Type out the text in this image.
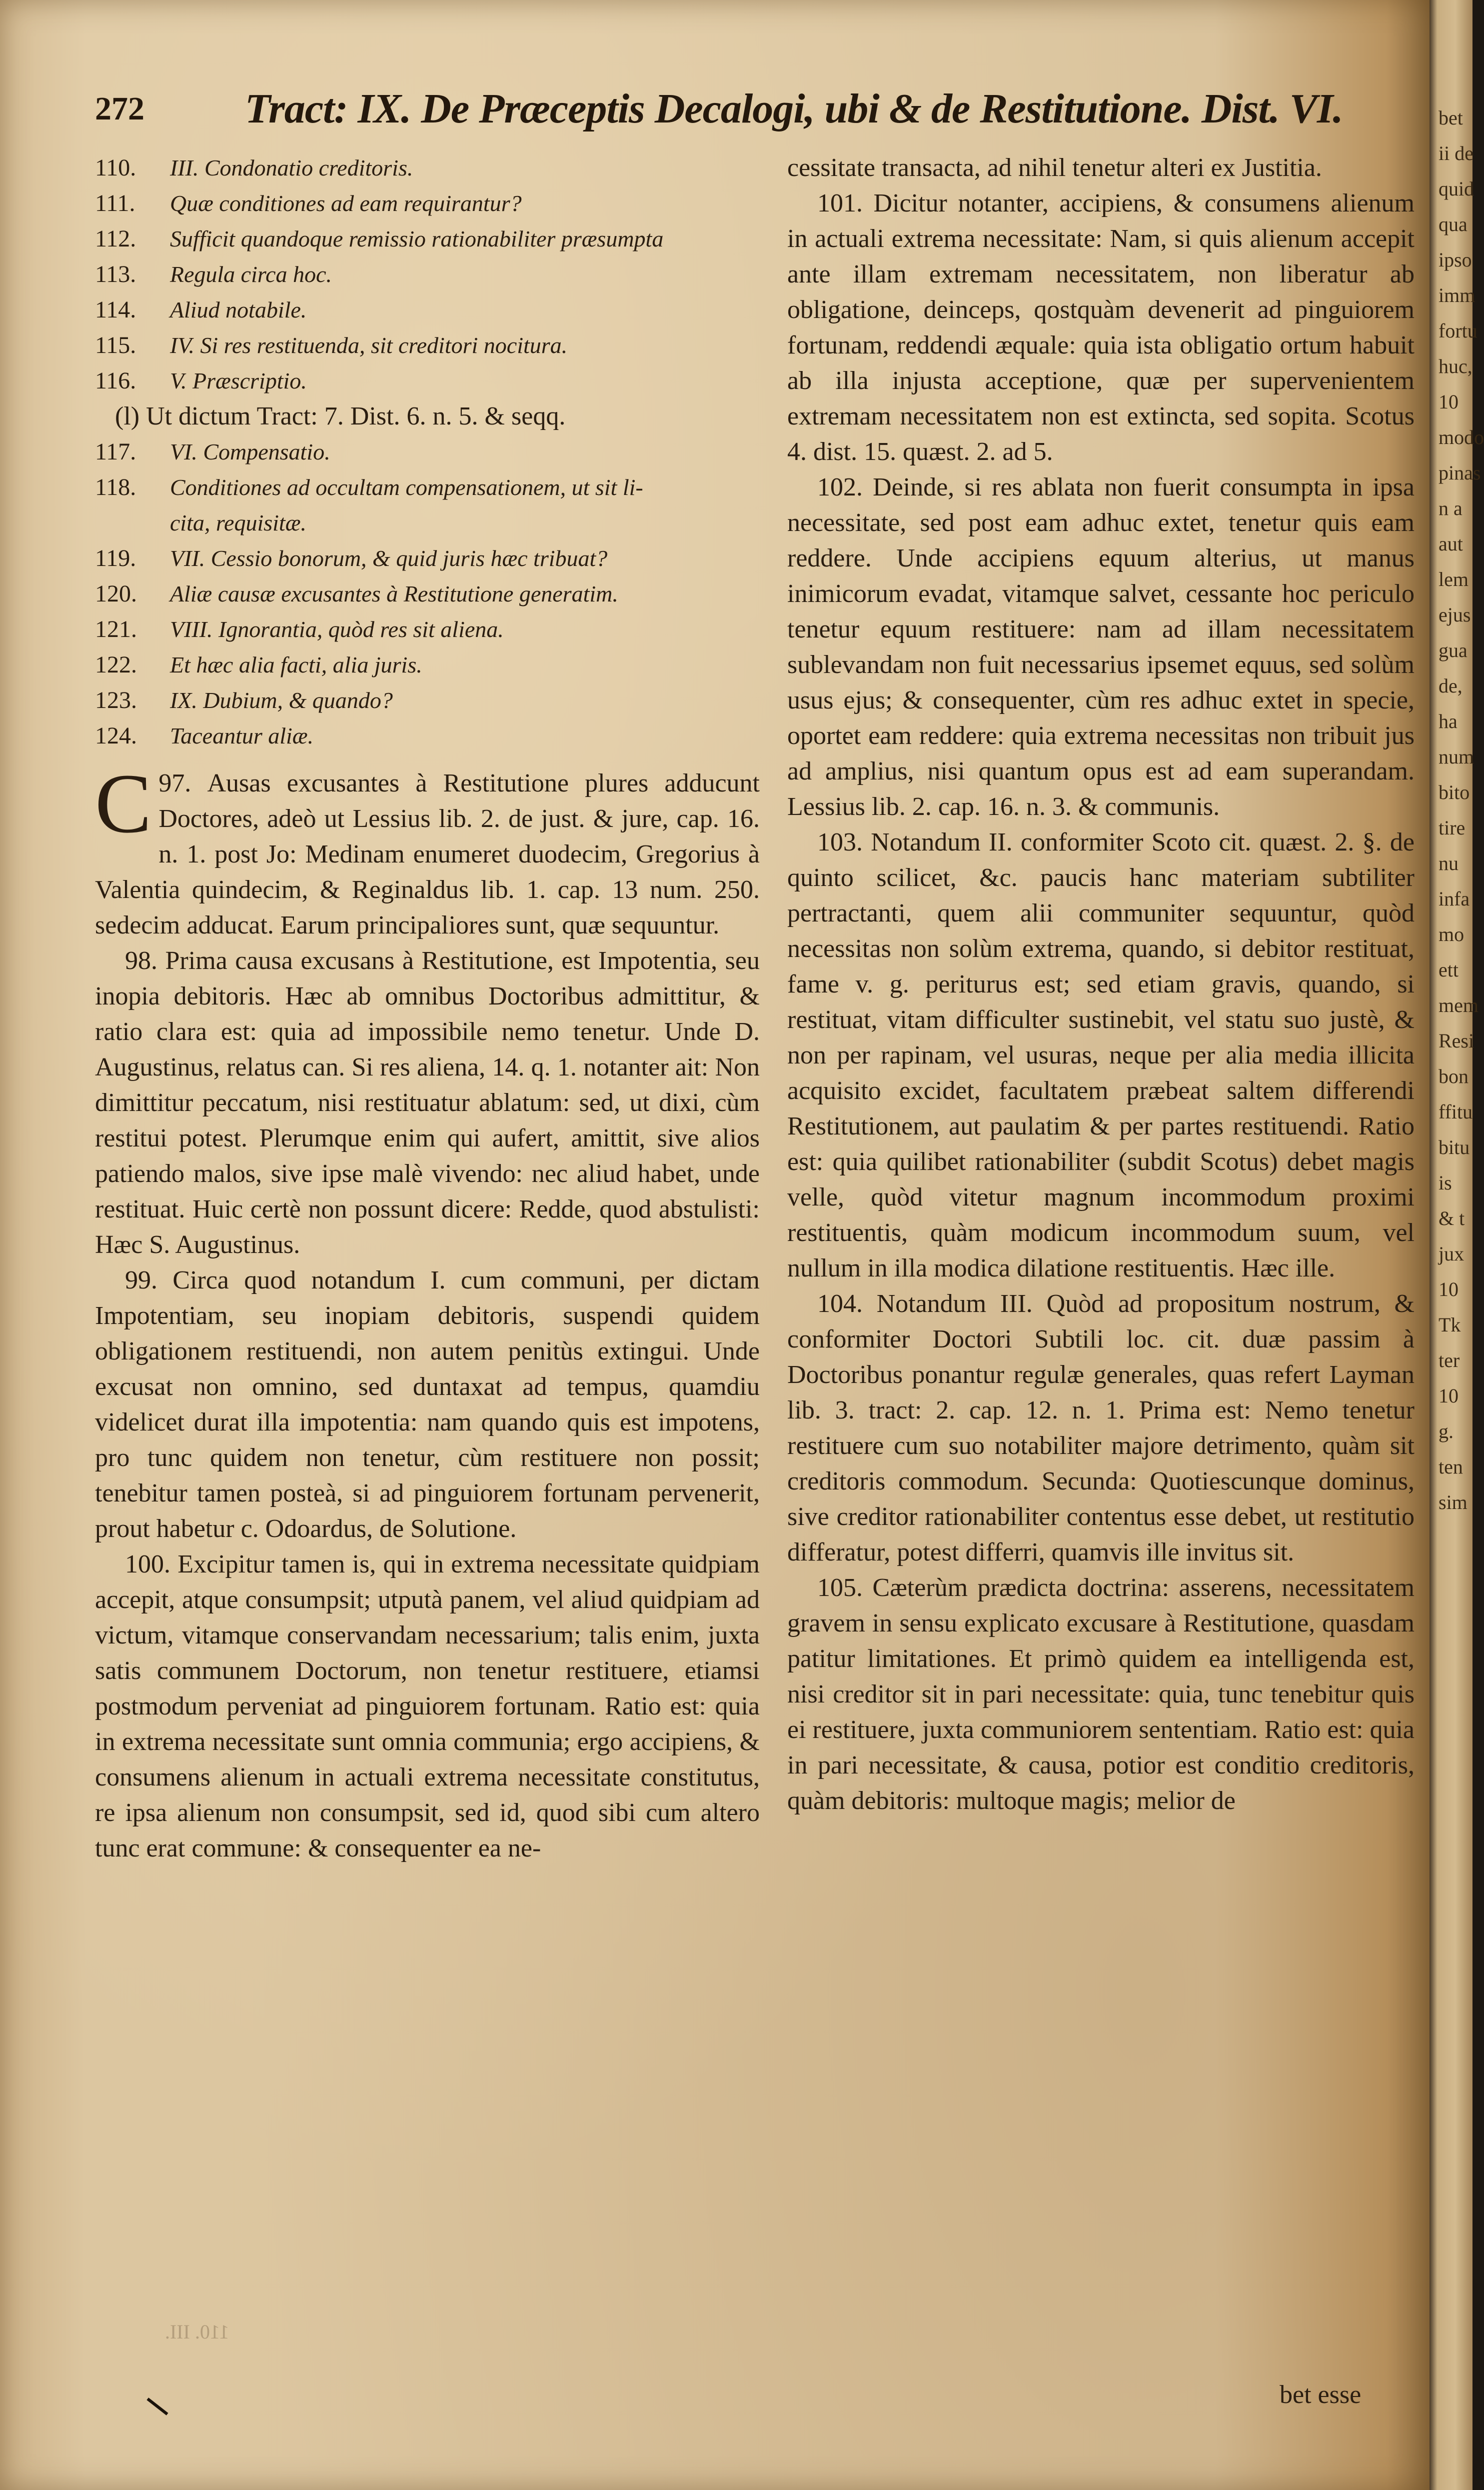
272 Tract: IX. De Præceptis Decalogi, ubi & de Restitutione. Dist. VI.
110.	III. Condonatio creditoris.
111.	Quæ conditiones ad eam requirantur?
112.	Sufficit quandoque remissio rationabiliter præsumpta
113.	Regula circa hoc.
114.	Aliud notabile.
115.	IV. Si res restituenda, sit creditori nocitura.
116.	V. Præscriptio.
(l) Ut dictum Tract: 7. Dist. 6. n. 5. & seqq.
117.	VI. Compensatio.
118.	Conditiones ad occultam compensationem, ut sit li-
cita, requisitæ.
119.	VII. Cessio bonorum, & quid juris hæc tribuat?
120.	Aliæ causæ excusantes à Restitutione generatim.
121.	VIII. Ignorantia, quòd res sit aliena.
122.	Et hæc alia facti, alia juris.
123.	IX. Dubium, & quando?
124.	Taceantur aliæ.

97.
C Ausas excusantes à Restitutione plures adducunt Doctores, adeò ut Lessius lib. 2. de just. & jure, cap. 16. n. 1. post Jo: Medinam enumeret duodecim, Gregorius à Valentia quindecim, & Reginaldus lib. 1. cap. 13 num. 250. sedecim adducat. Earum principaliores sunt, quæ sequuntur.

98. Prima causa excusans à Restitutione, est Impotentia, seu inopia debitoris. Hæc ab omnibus Doctoribus admittitur, & ratio clara est: quia ad impossibile nemo tenetur. Unde D. Augustinus, relatus can. Si res aliena, 14. q. 1. notanter ait: Non dimittitur peccatum, nisi restituatur ablatum: sed, ut dixi, cùm restitui potest. Plerumque enim qui aufert, amittit, sive alios patiendo malos, sive ipse malè vivendo: nec aliud habet, unde restituat. Huic certè non possunt dicere: Redde, quod abstulisti: Hæc S. Augustinus.

99. Circa quod notandum I. cum communi, per dictam Impotentiam, seu inopiam debitoris, suspendi quidem obligationem restituendi, non autem penitùs extingui. Unde excusat non omnino, sed duntaxat ad tempus, quamdiu videlicet durat illa impotentia: nam quando quis est impotens, pro tunc quidem non tenetur, cùm restituere non possit; tenebitur tamen posteà, si ad pinguiorem fortunam pervenerit, prout habetur c. Odoardus, de Solutione.

100. Excipitur tamen is, qui in extrema necessitate quidpiam accepit, atque consumpsit; utputà panem, vel aliud quidpiam ad victum, vitamque conservandam necessarium; talis enim, juxta satis communem Doctorum, non tenetur restituere, etiamsi postmodum perveniat ad pinguiorem fortunam. Ratio est: quia in extrema necessitate sunt omnia communia; ergo accipiens, & consumens alienum in actuali extrema necessitate constitutus, re ipsa alienum non consumpsit, sed id, quod sibi cum altero tunc erat commune: & consequenter ea ne-

cessitate transacta, ad nihil tenetur alteri ex Justitia.

101. Dicitur notanter, accipiens, & consumens alienum in actuali extrema necessitate: Nam, si quis alienum accepit ante illam extremam necessitatem, non liberatur ab obligatione, deinceps, qostquàm devenerit ad pinguiorem fortunam, reddendi æquale: quia ista obligatio ortum habuit ab illa injusta acceptione, quæ per supervenientem extremam necessitatem non est extincta, sed sopita. Scotus 4. dist. 15. quæst. 2. ad 5.

102. Deinde, si res ablata non fuerit consumpta in ipsa necessitate, sed post eam adhuc extet, tenetur quis eam reddere. Unde accipiens equum alterius, ut manus inimicorum evadat, vitamque salvet, cessante hoc periculo tenetur equum restituere: nam ad illam necessitatem sublevandam non fuit necessarius ipsemet equus, sed solùm usus ejus; & consequenter, cùm res adhuc extet in specie, oportet eam reddere: quia extrema necessitas non tribuit jus ad amplius, nisi quantum opus est ad eam superandam. Lessius lib. 2. cap. 16. n. 3. & communis.

103. Notandum II. conformiter Scoto cit. quæst. 2. §. de quinto scilicet, &c. paucis hanc materiam subtiliter pertractanti, quem alii communiter sequuntur, quòd necessitas non solùm extrema, quando, si debitor restituat, fame v. g. periturus est; sed etiam gravis, quando, si restituat, vitam difficulter sustinebit, vel statu suo justè, & non per rapinam, vel usuras, neque per alia media illicita acquisito excidet, facultatem præbeat saltem differendi Restitutionem, aut paulatim & per partes restituendi. Ratio est: quia quilibet rationabiliter (subdit Scotus) debet magis velle, quòd vitetur magnum incommodum proximi restituentis, quàm modicum incommodum suum, vel nullum in illa modica dilatione restituentis. Hæc ille.

104. Notandum III. Quòd ad propositum nostrum, & conformiter Doctori Subtili loc. cit. duæ passim à Doctoribus ponantur regulæ generales, quas refert Layman lib. 3. tract: 2. cap. 12. n. 1. Prima est: Nemo tenetur restituere cum suo notabiliter majore detrimento, quàm sit creditoris commodum. Secunda: Quotiescunque dominus, sive creditor rationabiliter contentus esse debet, ut restitutio differatur, potest differri, quamvis ille invitus sit.

105. Cæterùm prædicta doctrina: asserens, necessitatem gravem in sensu explicato excusare à Restitutione, quasdam patitur limitationes. Et primò quidem ea intelligenda est, nisi creditor sit in pari necessitate: quia, tunc tenebitur quis ei restituere, juxta communiorem sententiam. Ratio est: quia in pari necessitate, & causa, potior est conditio creditoris, quàm debitoris: multoque magis; melior de

bet esse
110. III.
bet
ii de
quid
qua
ipso
imm
fortu
huc,
10
modo
pinas
n a
aut
lem
ejus
gua
de,
ha
num
bito
tire
nu
infa
mo
ett
mem
Resi
bon
ffitu
bitu
is
& t
jux
10
Tk
ter
10
g.
ten
sim
